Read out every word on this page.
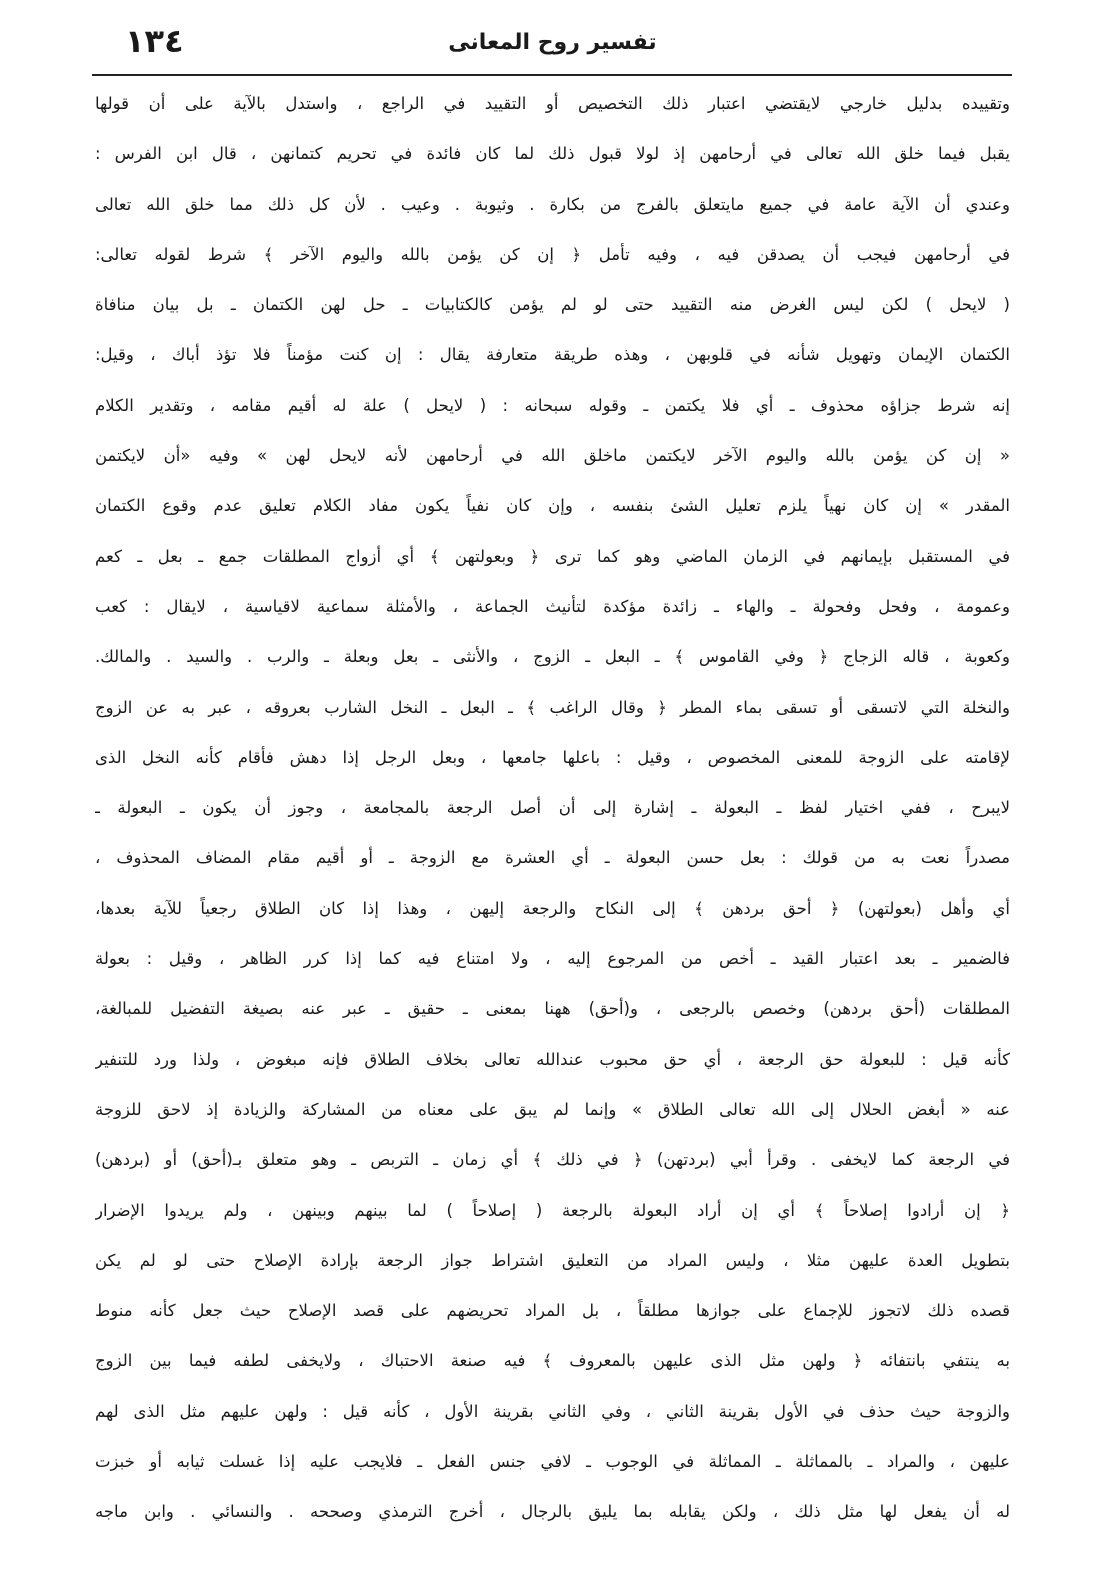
تفسير روح المعانى
١٣٤
وتقييده بدليل خارجي لايقتضي اعتبار ذلك التخصيص أو التقييد في الراجع ، واستدل بالآية على أن قولها
يقبل فيما خلق الله تعالى في أرحامهن إذ لولا قبول ذلك لما كان فائدة في تحريم كتمانهن ، قال ابن الفرس :
وعندي أن الآية عامة في جميع مايتعلق بالفرج من بكارة . وثيوبة . وعيب . لأن كل ذلك مما خلق الله تعالى
في أرحامهن فيجب أن يصدقن فيه ، وفيه تأمل ﴿ إن كن يؤمن بالله واليوم الآخر ﴾ شرط لقوله تعالى:
( لايحل ) لكن ليس الغرض منه التقييد حتى لو لم يؤمن كالكتابيات ـ حل لهن الكتمان ـ بل بيان منافاة
الكتمان الإيمان وتهويل شأنه في قلوبهن ، وهذه طريقة متعارفة يقال : إن كنت مؤمناً فلا تؤذ أباك ، وقيل:
إنه شرط جزاؤه محذوف ـ أي فلا يكتمن ـ وقوله سبحانه : ( لايحل ) علة له أقيم مقامه ، وتقدير الكلام
« إن كن يؤمن بالله واليوم الآخر لايكتمن ماخلق الله في أرحامهن لأنه لايحل لهن » وفيه «أن لايكتمن
المقدر » إن كان نهياً يلزم تعليل الشئ بنفسه ، وإن كان نفياً يكون مفاد الكلام تعليق عدم وقوع الكتمان
في المستقبل بإيمانهم في الزمان الماضي وهو كما ترى ﴿ وبعولتهن ﴾ أي أزواج المطلقات جمع ـ بعل ـ كعم
وعمومة ، وفحل وفحولة ـ والهاء ـ زائدة مؤكدة لتأنيث الجماعة ، والأمثلة سماعية لاقياسية ، لايقال : كعب
وكعوبة ، قاله الزجاج ﴿ وفي القاموس ﴾ ـ البعل ـ الزوج ، والأنثى ـ بعل وبعلة ـ والرب . والسيد . والمالك.
والنخلة التي لاتسقى أو تسقى بماء المطر ﴿ وقال الراغب ﴾ ـ البعل ـ النخل الشارب بعروقه ، عبر به عن الزوج
لإقامته على الزوجة للمعنى المخصوص ، وقيل : باعلها جامعها ، وبعل الرجل إذا دهش فأقام كأنه النخل الذى
لايبرح ، ففي اختيار لفظ ـ البعولة ـ إشارة إلى أن أصل الرجعة بالمجامعة ، وجوز أن يكون ـ البعولة ـ
مصدراً نعت به من قولك : بعل حسن البعولة ـ أي العشرة مع الزوجة ـ أو أقيم مقام المضاف المحذوف ،
أي وأهل (بعولتهن) ﴿ أحق بردهن ﴾ إلى النكاح والرجعة إليهن ، وهذا إذا كان الطلاق رجعياً للآية بعدها،
فالضمير ـ بعد اعتبار القيد ـ أخص من المرجوع إليه ، ولا امتناع فيه كما إذا كرر الظاهر ، وقيل : بعولة
المطلقات (أحق بردهن) وخصص بالرجعى ، و(أحق) ههنا بمعنى ـ حقيق ـ عبر عنه بصيغة التفضيل للمبالغة،
كأنه قيل : للبعولة حق الرجعة ، أي حق محبوب عندالله تعالى بخلاف الطلاق فإنه مبغوض ، ولذا ورد للتنفير
عنه « أبغض الحلال إلى الله تعالى الطلاق » وإنما لم يبق على معناه من المشاركة والزيادة إذ لاحق للزوجة
في الرجعة كما لايخفى . وقرأ أبي (بردتهن) ﴿ في ذلك ﴾ أي زمان ـ التربص ـ وهو متعلق بـ(أحق) أو (بردهن)
﴿ إن أرادوا إصلاحاً ﴾ أي إن أراد البعولة بالرجعة ( إصلاحاً ) لما بينهم وبينهن ، ولم يريدوا الإضرار
بتطويل العدة عليهن مثلا ، وليس المراد من التعليق اشتراط جواز الرجعة بإرادة الإصلاح حتى لو لم يكن
قصده ذلك لاتجوز للإجماع على جوازها مطلقاً ، بل المراد تحريضهم على قصد الإصلاح حيث جعل كأنه منوط
به ينتفي بانتفائه ﴿ ولهن مثل الذى عليهن بالمعروف ﴾ فيه صنعة الاحتباك ، ولايخفى لطفه فيما بين الزوج
والزوجة حيث حذف في الأول بقرينة الثاني ، وفي الثاني بقرينة الأول ، كأنه قيل : ولهن عليهم مثل الذى لهم
عليهن ، والمراد ـ بالمماثلة ـ المماثلة في الوجوب ـ لافي جنس الفعل ـ فلايجب عليه إذا غسلت ثيابه أو خبزت
له أن يفعل لها مثل ذلك ، ولكن يقابله بما يليق بالرجال ، أخرج الترمذي وصححه . والنسائي . وابن ماجه
